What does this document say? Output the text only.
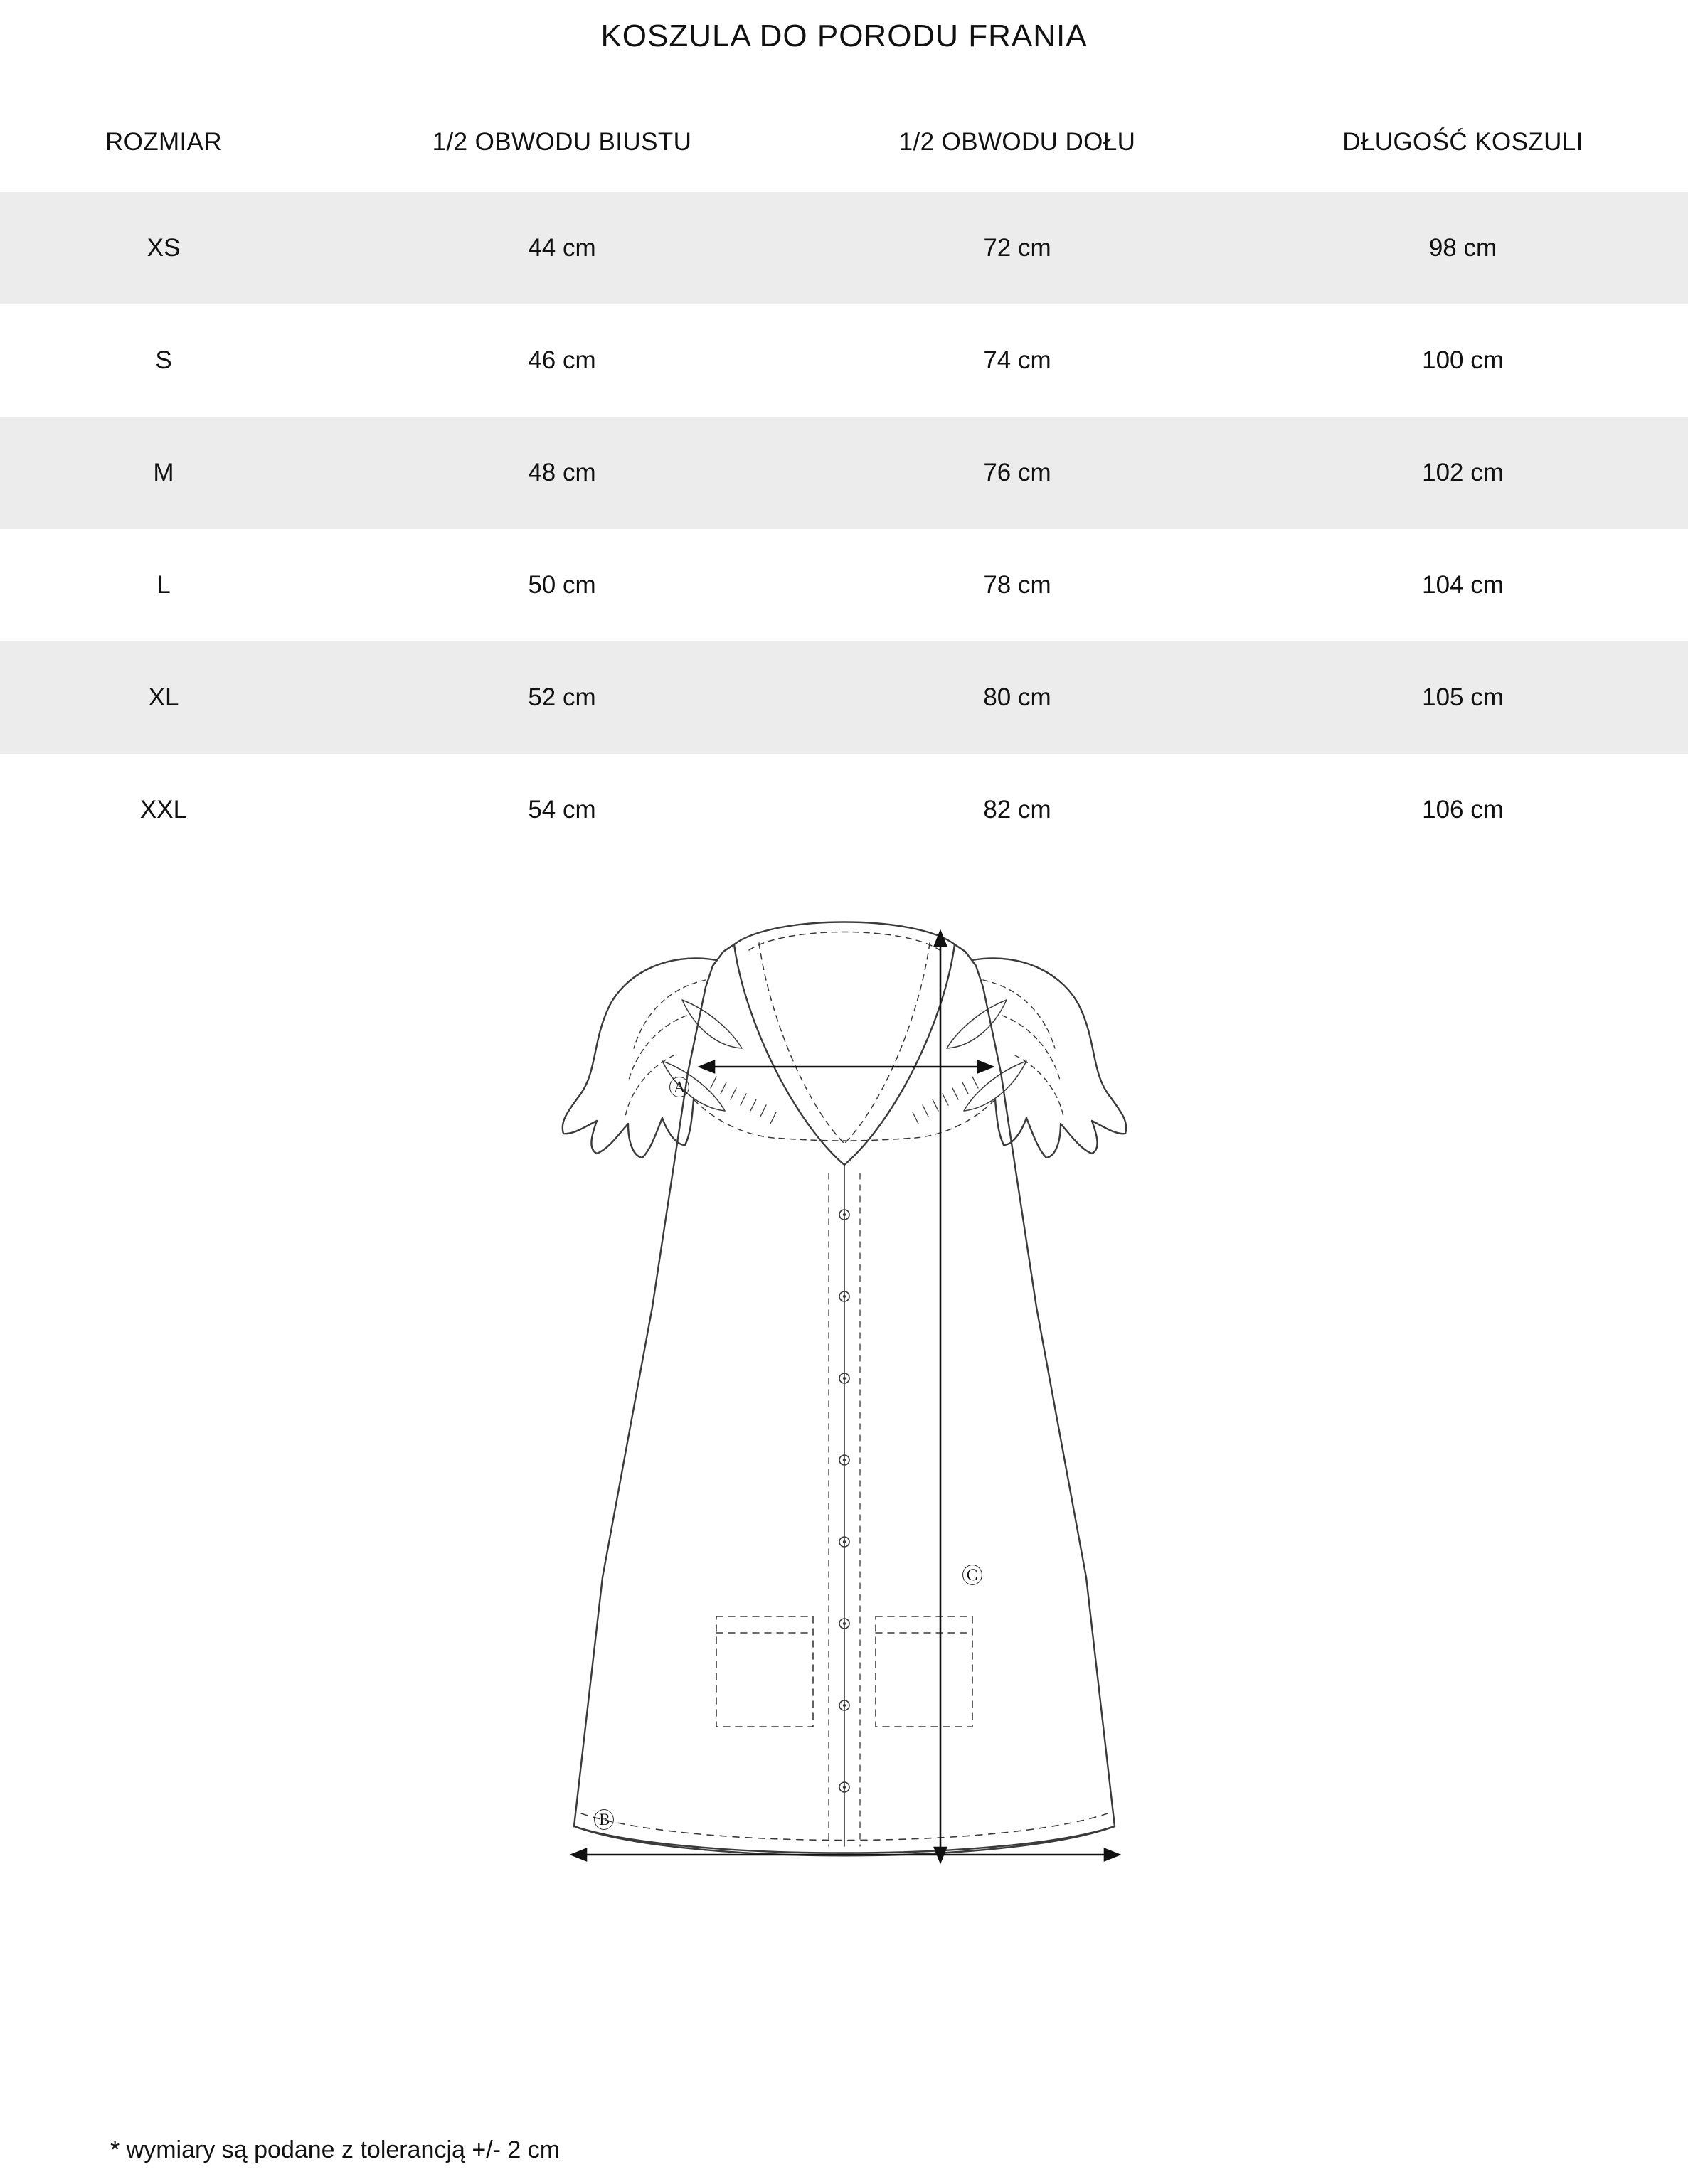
KOSZULA DO PORODU FRANIA
ROZMIAR	1/2 OBWODU BIUSTU	1/2 OBWODU DOŁU	DŁUGOŚĆ KOSZULI
XS	44 cm	72 cm	98 cm
S	46 cm	74 cm	100 cm
M	48 cm	76 cm	102 cm
L	50 cm	78 cm	104 cm
XL	52 cm	80 cm	105 cm
XXL	54 cm	82 cm	106 cm
Ⓐ
Ⓑ
Ⓒ
* wymiary są podane z tolerancją +/- 2 cm
